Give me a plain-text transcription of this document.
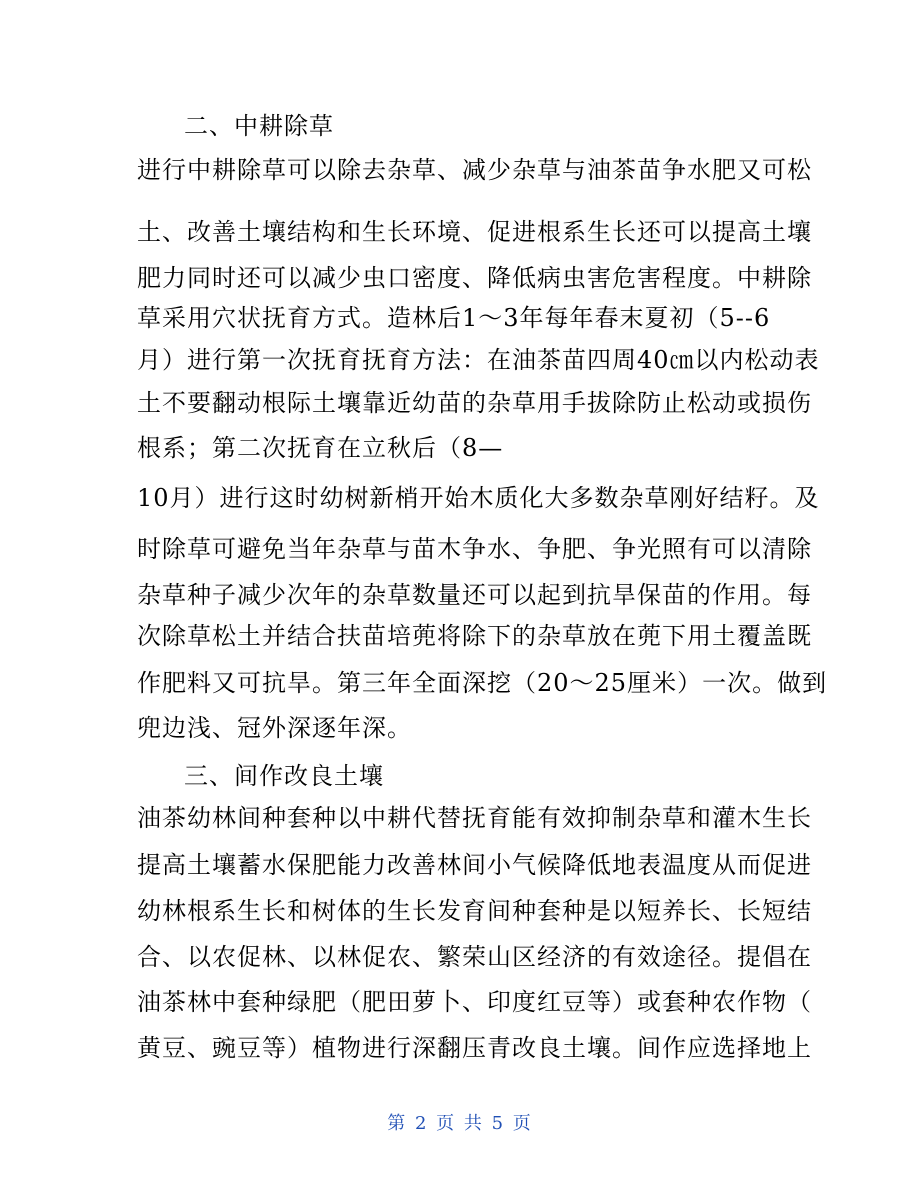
二、中耕除草
进行中耕除草可以除去杂草、减少杂草与油茶苗争水肥又可松
土、改善土壤结构和生长环境、促进根系生长还可以提高土壤
肥力同时还可以减少虫口密度、降低病虫害危害程度。中耕除
草采用穴状抚育方式。造林后1～3年每年春末夏初（5--6
月）进行第一次抚育抚育方法：在油茶苗四周40㎝以内松动表
土不要翻动根际土壤靠近幼苗的杂草用手拔除防止松动或损伤
根系；第二次抚育在立秋后（8—
10月）进行这时幼树新梢开始木质化大多数杂草刚好结籽。及
时除草可避免当年杂草与苗木争水、争肥、争光照有可以清除
杂草种子减少次年的杂草数量还可以起到抗旱保苗的作用。每
次除草松土并结合扶苗培蔸将除下的杂草放在蔸下用土覆盖既
作肥料又可抗旱。第三年全面深挖（20～25厘米）一次。做到
兜边浅、冠外深逐年深。
三、间作改良土壤
油茶幼林间种套种以中耕代替抚育能有效抑制杂草和灌木生长
提高土壤蓄水保肥能力改善林间小气候降低地表温度从而促进
幼林根系生长和树体的生长发育间种套种是以短养长、长短结
合、以农促林、以林促农、繁荣山区经济的有效途径。提倡在
油茶林中套种绿肥（肥田萝卜、印度红豆等）或套种农作物（
黄豆、豌豆等）植物进行深翻压青改良土壤。间作应选择地上
第 2 页 共 5 页
